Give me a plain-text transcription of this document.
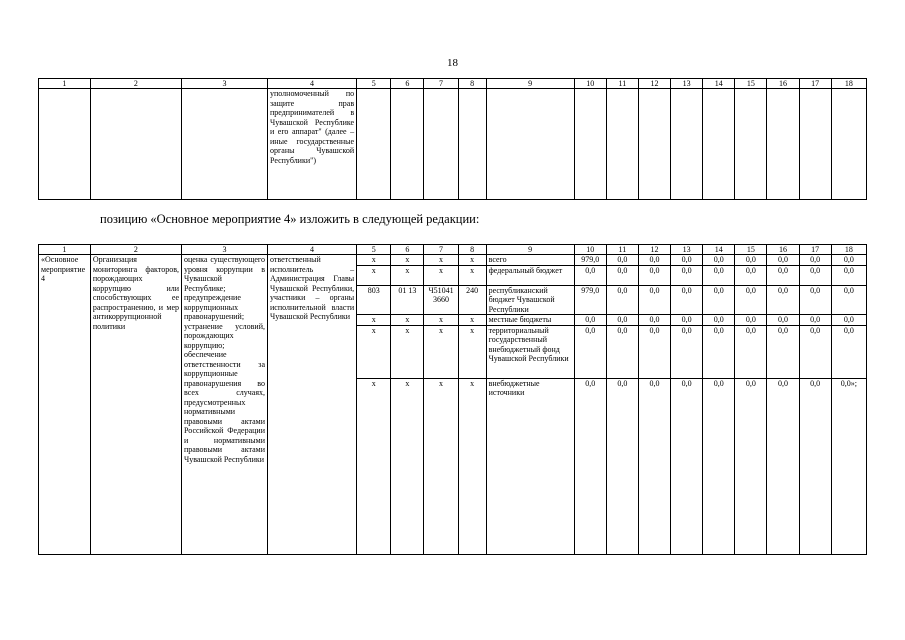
18
1	2	3	4	5	6	7	8	9	10	11	12	13	14	15	16	17	18
			уполномоченный по защите прав предпринимателей в Чувашской Республике и его аппарат" (далее – иные государственные органы Чувашской Республики")														
позицию «Основное мероприятие 4» изложить в следующей редакции:
1	2	3	4	5	6	7	8	9	10	11	12	13	14	15	16	17	18
«Основное мероприятие 4	Организация мониторинга факторов, порождающих коррупцию или способствующих ее распространению, и мер антикоррупционной политики	оценка существующего уровня коррупции в Чувашской Республике; предупреждение коррупционных правонарушений; устранение условий, порождающих коррупцию; обеспечение ответственности за коррупционные правонарушения во всех случаях, предусмотренных нормативными правовыми актами Российской Федерации и нормативными правовыми актами Чувашской Республики	ответственный исполнитель – Администрация Главы Чувашской Республики, участники – органы исполнительной власти Чувашской Республики	x	x	x	x	всего	979,0	0,0	0,0	0,0	0,0	0,0	0,0	0,0	0,0
				x	x	x	x	федеральный бюджет	0,0	0,0	0,0	0,0	0,0	0,0	0,0	0,0	0,0
				803	01 13	Ч51041 3660	240	республиканский бюджет Чувашской Республики	979,0	0,0	0,0	0,0	0,0	0,0	0,0	0,0	0,0
				x	x	x	x	местные бюджеты	0,0	0,0	0,0	0,0	0,0	0,0	0,0	0,0	0,0
				x	x	x	x	территориальный государственный внебюджетный фонд Чувашской Республики	0,0	0,0	0,0	0,0	0,0	0,0	0,0	0,0	0,0
				x	x	x	x	внебюджетные источники	0,0	0,0	0,0	0,0	0,0	0,0	0,0	0,0	0,0»;
